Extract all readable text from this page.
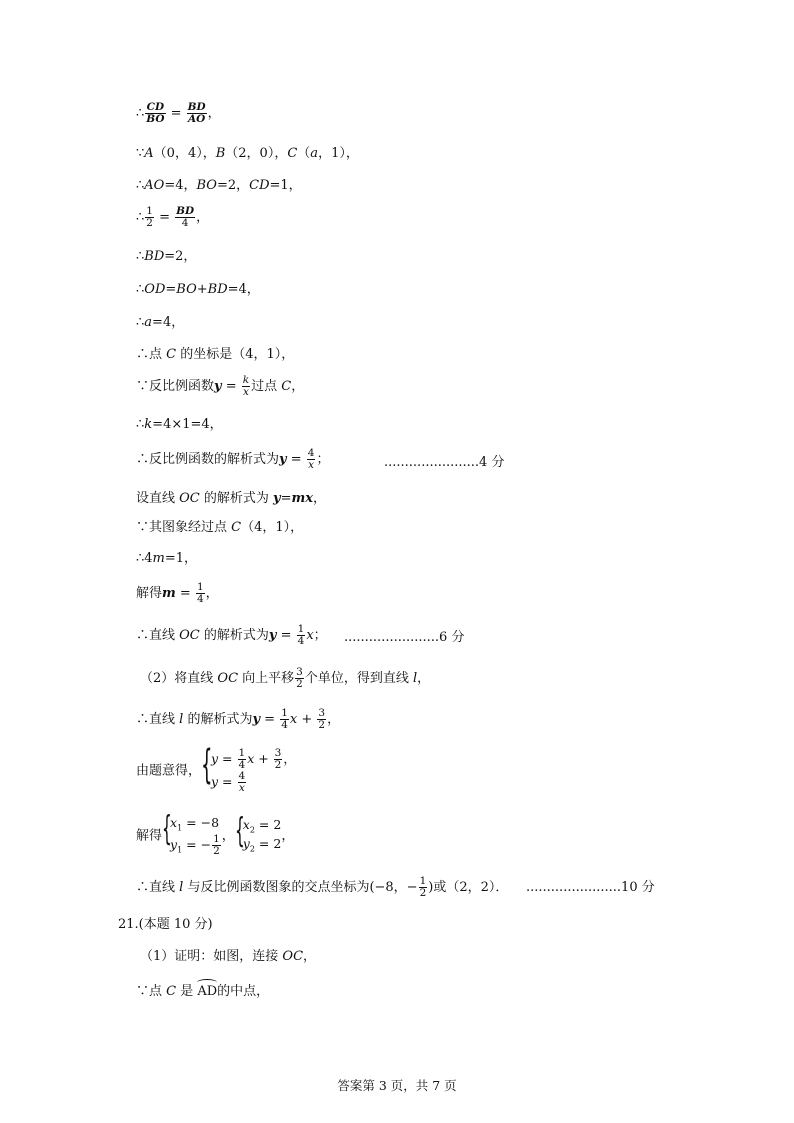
∴ $\frac{CD}{BO} = \frac{BD}{AO}$ ，
∵A（0，4），B（2，0），C（a，1），
∴AO=4，BO=2，CD=1，
∴ $\frac{1}{2} = \frac{BD}{4}$ ，
∴BD=2，
∴OD=BO+BD=4，
∴a=4，
∴点 C 的坐标是（4，1），
∵反比例函数$y = \frac{k}{x}$ 过点 C，
∴k=4×1=4，
∴反比例函数的解析式为$y = \frac{4}{x}$ ；	.......................4 分
设直线 OC 的解析式为 y=mx，
∵其图象经过点 C（4，1），
∴4m=1，
解得$m = \frac{1}{4}$ ，
∴直线 OC 的解析式为$y = \frac{1}{4}$ x； .......................6 分
（2）将直线 OC 向上平移 $\frac{3}{2}$ 个单位，得到直线 l，
∴直线 l 的解析式为$y = \frac{1}{4}$ $x + \frac{3}{2}$ ，
由题意得， {
$y = \frac{1}{4}$ $x + \frac{3}{2}$ ，
$y = \frac{4}{x}$
解得 {
$x_1 = -8$
$y_1$ = − $\frac{1}{2}$ ， {
$x_2 = 2$
$y_2 = 2$ ，
∴直线 l 与反比例函数图象的交点坐标为(−8，− $\frac{1}{2}$ )或（2，2）． .......................10 分
21.(本题 10 分)
（1）证明：如图，连接 OC，
∵点 C 是 AD的中点，
答案第 3 页，共 7 页
